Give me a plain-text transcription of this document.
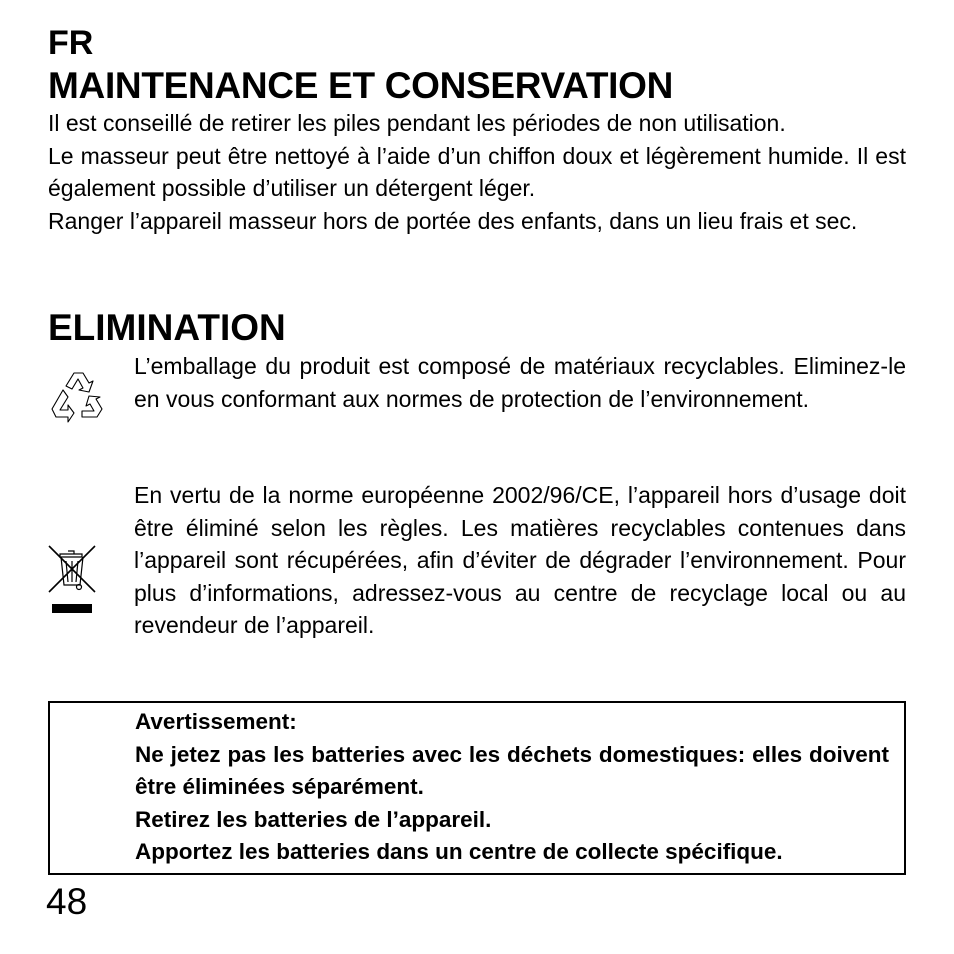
FR
MAINTENANCE ET CONSERVATION

Il est conseillé de retirer les piles pendant les périodes de non utilisation.

Le masseur peut être nettoyé à l’aide d’un chiffon doux et légèrement humide. Il est également possible d’utiliser un détergent léger.

Ranger l’appareil masseur hors de portée des enfants, dans un lieu frais et sec.

ELIMINATION

L’emballage du produit est composé de matériaux recyclables. Eliminez-le en vous conformant aux normes de protection de l’environnement.

En vertu de la norme européenne 2002/96/CE, l’appareil hors d’usage doit être éliminé selon les règles. Les matières recyclables contenues dans l’appareil sont récupérées, afin d’éviter de dégrader l’environnement. Pour plus d’informations, adressez-vous au centre de recyclage local ou au revendeur de l’appareil.

Avertissement:

Ne jetez pas les batteries avec les déchets domestiques: elles doivent être éliminées séparément.

Retirez les batteries de l’appareil.

Apportez les batteries dans un centre de collecte spécifique.

48
